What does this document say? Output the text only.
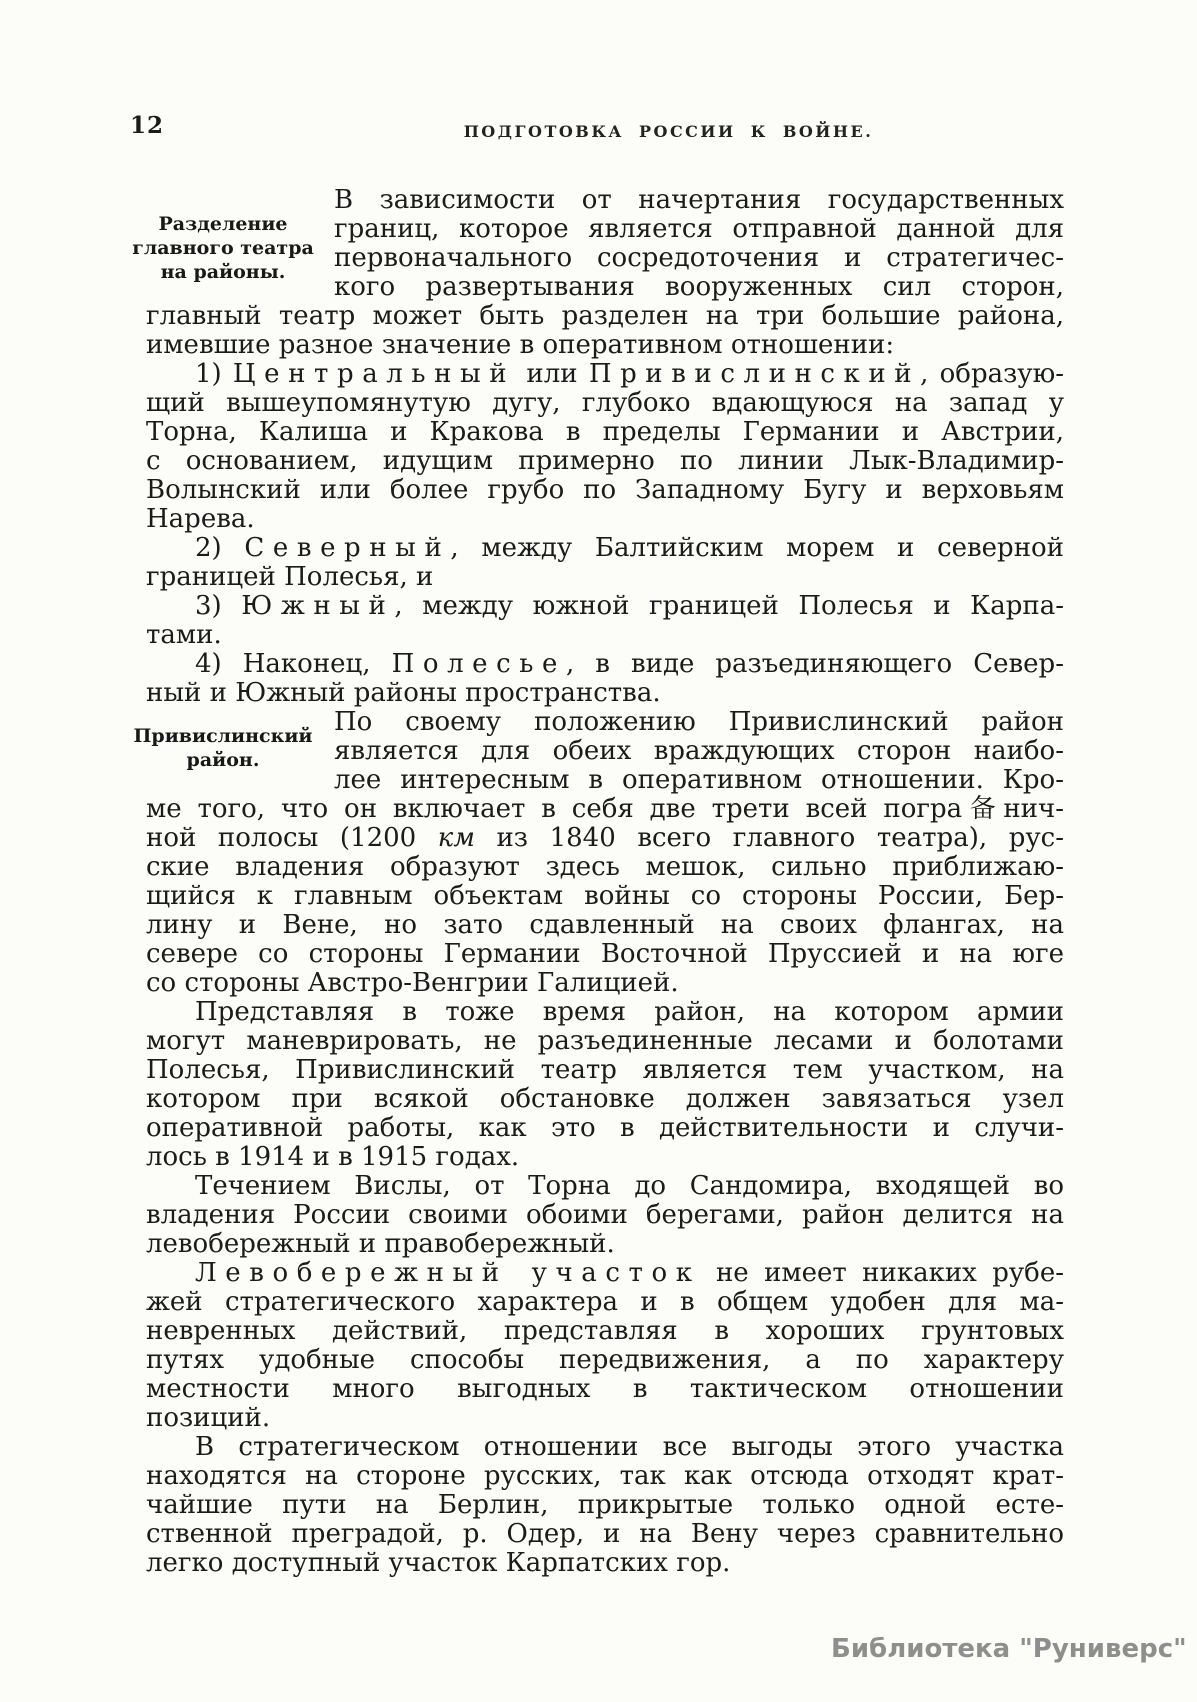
12	ПОДГОТОВКА РОССИИ К ВОЙНЕ.
Разделение
главного театра
на районы.
Привислинский
район.
В зависимости от начертания государственных
границ, которое является отправной данной для
первоначального сосредоточения и стратегичес-
кого развертывания вооруженных сил сторон,
главный театр может быть разделен на три большие района,
имевшие разное значение в оперативном отношении:
1) Центральный или Привислинский, образую-
щий вышеупомянутую дугу, глубоко вдающуюся на запад у
Торна, Калиша и Кракова в пределы Германии и Австрии,
с основанием, идущим примерно по линии Лык-Владимир-
Волынский или более грубо по Западному Бугу и верховьям
Нарева.
2) Северный, между Балтийским морем и северной
границей Полесья, и
3) Южный, между южной границей Полесья и Карпа-
тами.
4) Наконец, Полесье, в виде разъединяющего Север-
ный и Южный районы пространства.
По своему положению Привислинский район
является для обеих враждующих сторон наибо-
лее интересным в оперативном отношении. Кро-
ме того, что он включает в себя две трети всей погра备нич-
ной полосы (1200 км из 1840 всего главного театра), рус-
ские владения образуют здесь мешок, сильно приближаю-
щийся к главным объектам войны со стороны России, Бер-
лину и Вене, но зато сдавленный на своих флангах, на
севере со стороны Германии Восточной Пруссией и на юге
со стороны Австро-Венгрии Галицией.
Представляя в тоже время район, на котором армии
могут маневрировать, не разъединенные лесами и болотами
Полесья, Привислинский театр является тем участком, на
котором при всякой обстановке должен завязаться узел
оперативной работы, как это в действительности и случи-
лось в 1914 и в 1915 годах.
Течением Вислы, от Торна до Сандомира, входящей во
владения России своими обоими берегами, район делится на
левобережный и правобережный.
Левобережный участок не имеет никаких рубе-
жей стратегического характера и в общем удобен для ма-
невренных действий, представляя в хороших грунтовых
путях удобные способы передвижения, а по характеру
местности много выгодных в тактическом отношении
позиций.
В стратегическом отношении все выгоды этого участка
находятся на стороне русских, так как отсюда отходят крат-
чайшие пути на Берлин, прикрытые только одной есте-
ственной преградой, р. Одер, и на Вену через сравнительно
легко доступный участок Карпатских гор.
Библиотека "Руниверс"
